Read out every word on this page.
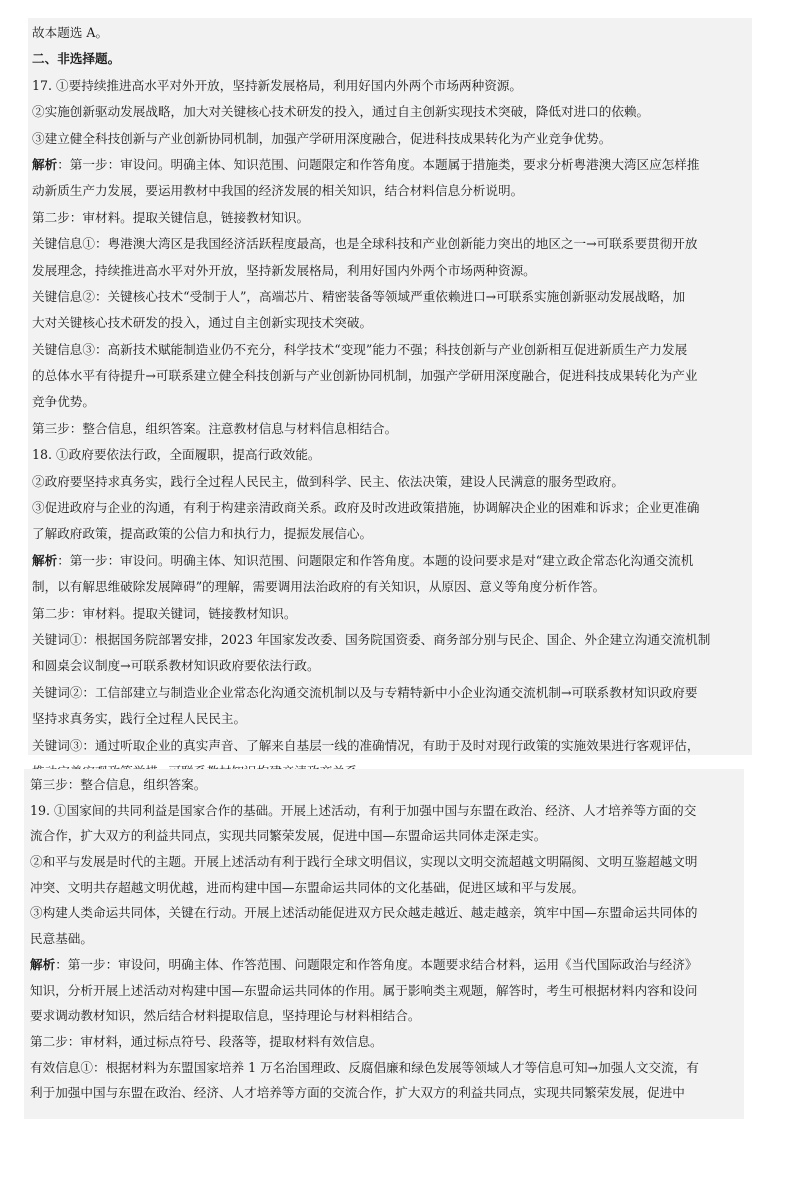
故本题选 A。
二、非选择题。
17. ①要持续推进高水平对外开放，坚持新发展格局，利用好国内外两个市场两种资源。
②实施创新驱动发展战略，加大对关键核心技术研发的投入，通过自主创新实现技术突破，降低对进口的依赖。
③建立健全科技创新与产业创新协同机制，加强产学研用深度融合，促进科技成果转化为产业竞争优势。
解析：第一步：审设问。明确主体、知识范围、问题限定和作答角度。本题属于措施类，要求分析粤港澳大湾区应怎样推
动新质生产力发展，要运用教材中我国的经济发展的相关知识，结合材料信息分析说明。
第二步：审材料。提取关键信息，链接教材知识。
关键信息①：粤港澳大湾区是我国经济活跃程度最高，也是全球科技和产业创新能力突出的地区之一→可联系要贯彻开放
发展理念，持续推进高水平对外开放，坚持新发展格局，利用好国内外两个市场两种资源。
关键信息②：关键核心技术“受制于人”，高端芯片、精密装备等领域严重依赖进口→可联系实施创新驱动发展战略，加
大对关键核心技术研发的投入，通过自主创新实现技术突破。
关键信息③：高新技术赋能制造业仍不充分，科学技术“变现”能力不强；科技创新与产业创新相互促进新质生产力发展
的总体水平有待提升→可联系建立健全科技创新与产业创新协同机制，加强产学研用深度融合，促进科技成果转化为产业
竞争优势。
第三步：整合信息，组织答案。注意教材信息与材料信息相结合。
18. ①政府要依法行政，全面履职，提高行政效能。
②政府要坚持求真务实，践行全过程人民民主，做到科学、民主、依法决策，建设人民满意的服务型政府。
③促进政府与企业的沟通，有利于构建亲清政商关系。政府及时改进政策措施，协调解决企业的困难和诉求；企业更准确
了解政府政策，提高政策的公信力和执行力，提振发展信心。
解析：第一步：审设问。明确主体、知识范围、问题限定和作答角度。本题的设问要求是对“建立政企常态化沟通交流机
制，以有解思维破除发展障碍”的理解，需要调用法治政府的有关知识，从原因、意义等角度分析作答。
第二步：审材料。提取关键词，链接教材知识。
关键词①：根据国务院部署安排，2023 年国家发改委、国务院国资委、商务部分别与民企、国企、外企建立沟通交流机制
和圆桌会议制度→可联系教材知识政府要依法行政。
关键词②：工信部建立与制造业企业常态化沟通交流机制以及与专精特新中小企业沟通交流机制→可联系教材知识政府要
坚持求真务实，践行全过程人民民主。
关键词③：通过听取企业的真实声音、了解来自基层一线的准确情况，有助于及时对现行政策的实施效果进行客观评估，
第三步：整合信息，组织答案。
19. ①国家间的共同利益是国家合作的基础。开展上述活动，有利于加强中国与东盟在政治、经济、人才培养等方面的交
流合作，扩大双方的利益共同点，实现共同繁荣发展，促进中国—东盟命运共同体走深走实。
②和平与发展是时代的主题。开展上述活动有利于践行全球文明倡议，实现以文明交流超越文明隔阂、文明互鉴超越文明
冲突、文明共存超越文明优越，进而构建中国—东盟命运共同体的文化基础，促进区域和平与发展。
③构建人类命运共同体，关键在行动。开展上述活动能促进双方民众越走越近、越走越亲，筑牢中国—东盟命运共同体的
民意基础。
解析：第一步：审设问，明确主体、作答范围、问题限定和作答角度。本题要求结合材料，运用《当代国际政治与经济》
知识，分析开展上述活动对构建中国—东盟命运共同体的作用。属于影响类主观题，解答时，考生可根据材料内容和设问
要求调动教材知识，然后结合材料提取信息，坚持理论与材料相结合。
第二步：审材料，通过标点符号、段落等，提取材料有效信息。
有效信息①：根据材料为东盟国家培养 1 万名治国理政、反腐倡廉和绿色发展等领域人才等信息可知→加强人文交流，有
利于加强中国与东盟在政治、经济、人才培养等方面的交流合作，扩大双方的利益共同点，实现共同繁荣发展，促进中
